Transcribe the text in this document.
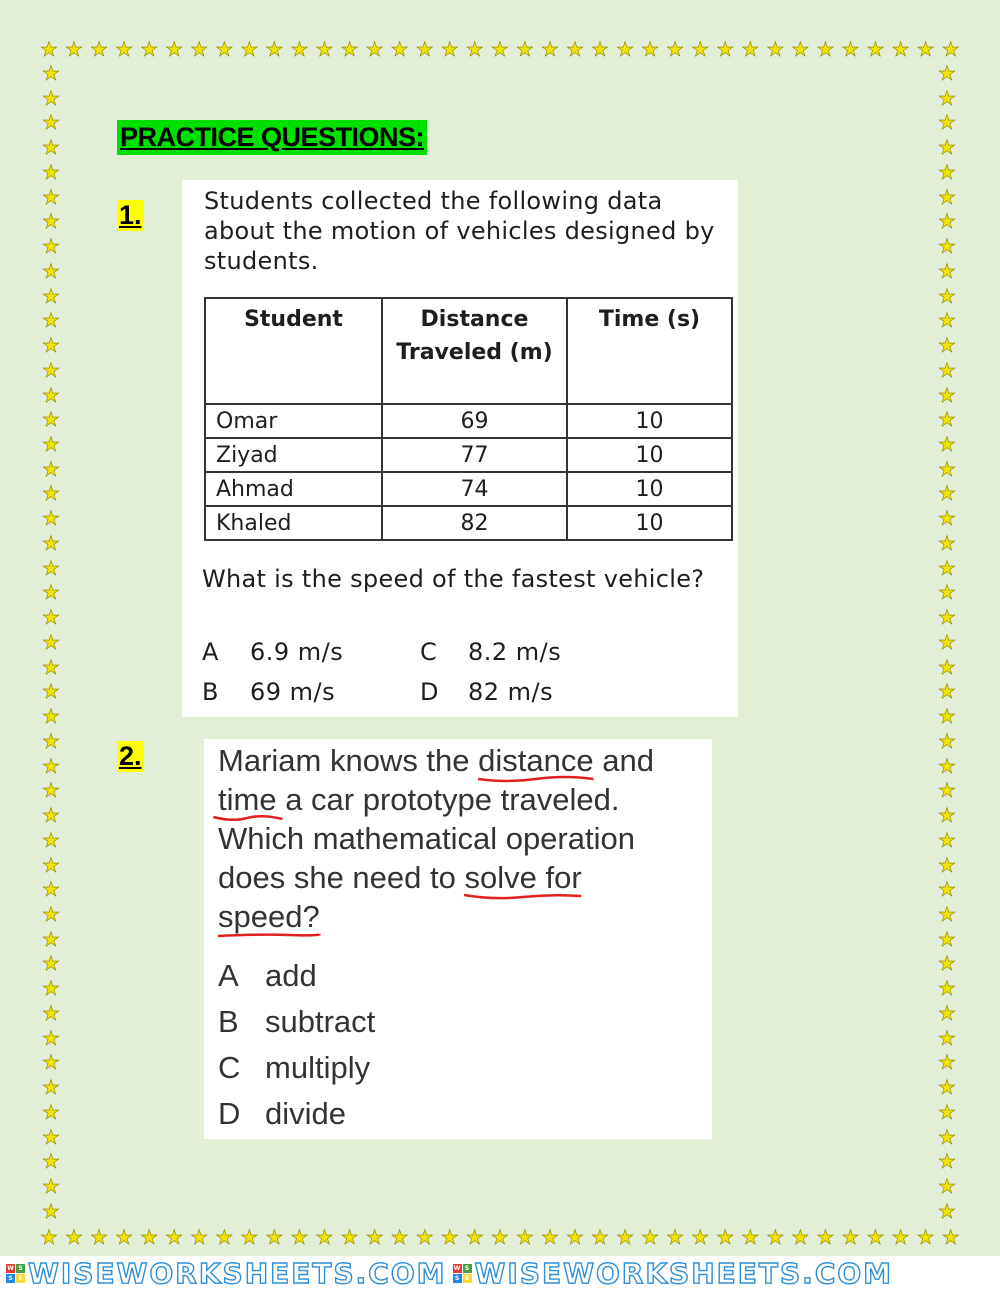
★ ★ ★ ★ ★ ★ ★ ★ ★ ★ ★ ★ ★ ★ ★ ★ ★ ★ ★ ★ ★ ★ ★ ★ ★ ★ ★ ★ ★ ★ ★ ★ ★ ★ ★ ★ ★
★ ★ ★ ★ ★ ★ ★ ★ ★ ★ ★ ★ ★ ★ ★ ★ ★ ★ ★ ★ ★ ★ ★ ★ ★ ★ ★ ★ ★ ★ ★ ★ ★ ★ ★ ★ ★
★
★
★
★
★
★
★
★
★
★
★
★
★
★
★
★
★
★
★
★
★
★
★
★
★
★
★
★
★
★
★
★
★
★
★
★
★
★
★
★
★
★
★
★
★
★
★
★
★
★
★
★
★
★
★
★
★
★
★
★
★
★
★
★
★
★
★
★
★
★
★
★
★
★
★
★
★
★
★
★
★
★
★
★
★
★
★
★
★
★
★
★
★
★
PRACTICE QUESTIONS:
1.	Students collected the following data about the motion of vehicles designed by students.
Student	Distance Traveled (m)	Time (s)
Omar	69	10
Ziyad	77	10
Ahmad	74	10
Khaled	82	10
What is the speed of the fastest vehicle?
A 6.9 m/s	C 8.2 m/s
B 69 m/s	D 82 m/s
2. Mariam knows the distance
and
time
a car prototype traveled. Which mathematical operation does she need to solve for

speed?
A add
B subtract
C multiply
D divide
W S
S E WISEWORKSHEETS.COM W S
S E WISEWORKSHEETS.COM
